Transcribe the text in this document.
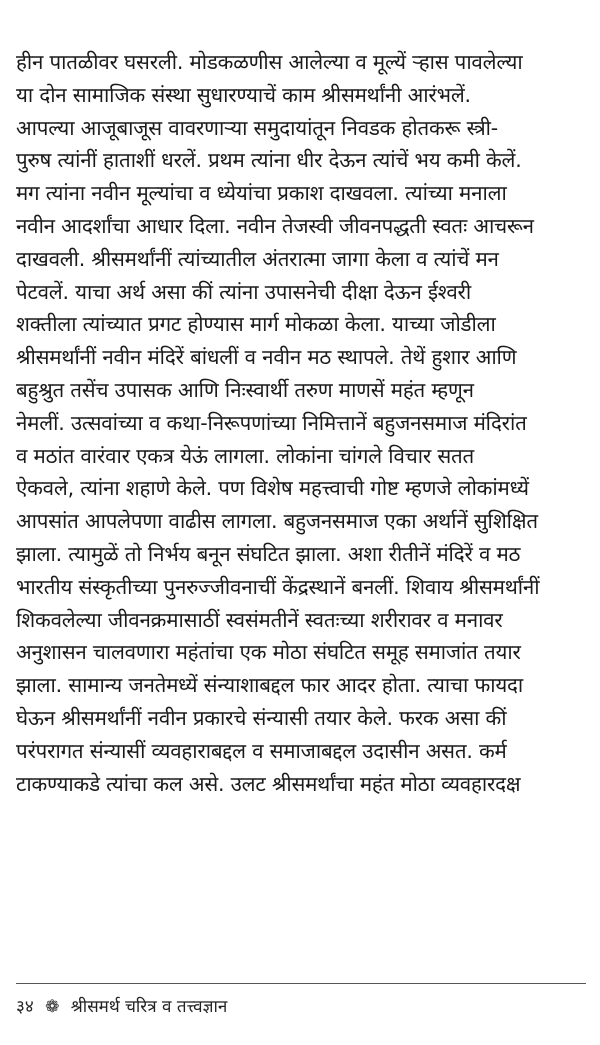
हीन पातळीवर घसरली. मोडकळणीस आलेल्या व मूल्यें ऱ्हास पावलेल्या
या दोन सामाजिक संस्था सुधारण्याचें काम श्रीसमर्थांनी आरंभलें.
आपल्या आजूबाजूस वावरणाऱ्या समुदायांतून निवडक होतकरू स्त्री-
पुरुष त्यांनीं हाताशीं धरलें. प्रथम त्यांना धीर देऊन त्यांचें भय कमी केलें.
मग त्यांना नवीन मूल्यांचा व ध्येयांचा प्रकाश दाखवला. त्यांच्या मनाला
नवीन आदर्शांचा आधार दिला. नवीन तेजस्वी जीवनपद्धती स्वतः आचरून
दाखवली. श्रीसमर्थांनीं त्यांच्यातील अंतरात्मा जागा केला व त्यांचें मन
पेटवलें. याचा अर्थ असा कीं त्यांना उपासनेची दीक्षा देऊन ईश्वरी
शक्तीला त्यांच्यात प्रगट होण्यास मार्ग मोकळा केला. याच्या जोडीला
श्रीसमर्थांनीं नवीन मंदिरें बांधलीं व नवीन मठ स्थापले. तेथें हुशार आणि
बहुश्रुत तसेंच उपासक आणि निःस्वार्थी तरुण माणसें महंत म्हणून
नेमलीं. उत्सवांच्या व कथा-निरूपणांच्या निमित्तानें बहुजनसमाज मंदिरांत
व मठांत वारंवार एकत्र येऊं लागला. लोकांना चांगले विचार सतत
ऐकवले, त्यांना शहाणे केले. पण विशेष महत्त्वाची गोष्ट म्हणजे लोकांमध्यें
आपसांत आपलेपणा वाढीस लागला. बहुजनसमाज एका अर्थानें सुशिक्षित
झाला. त्यामुळें तो निर्भय बनून संघटित झाला. अशा रीतीनें मंदिरें व मठ
भारतीय संस्कृतीच्या पुनरुज्जीवनाचीं केंद्रस्थानें बनलीं. शिवाय श्रीसमर्थांनीं
शिकवलेल्या जीवनक्रमासाठीं स्वसंमतीनें स्वतःच्या शरीरावर व मनावर
अनुशासन चालवणारा महंतांचा एक मोठा संघटित समूह समाजांत तयार
झाला. सामान्य जनतेमध्यें संन्याशाबद्दल फार आदर होता. त्याचा फायदा
घेऊन श्रीसमर्थांनीं नवीन प्रकारचे संन्यासी तयार केले. फरक असा कीं
परंपरागत संन्यासीं व्यवहाराबद्दल व समाजाबद्दल उदासीन असत. कर्म
टाकण्याकडे त्यांचा कल असे. उलट श्रीसमर्थांचा महंत मोठा व्यवहारदक्ष
३४ ❁ श्रीसमर्थ चरित्र व तत्त्वज्ञान
